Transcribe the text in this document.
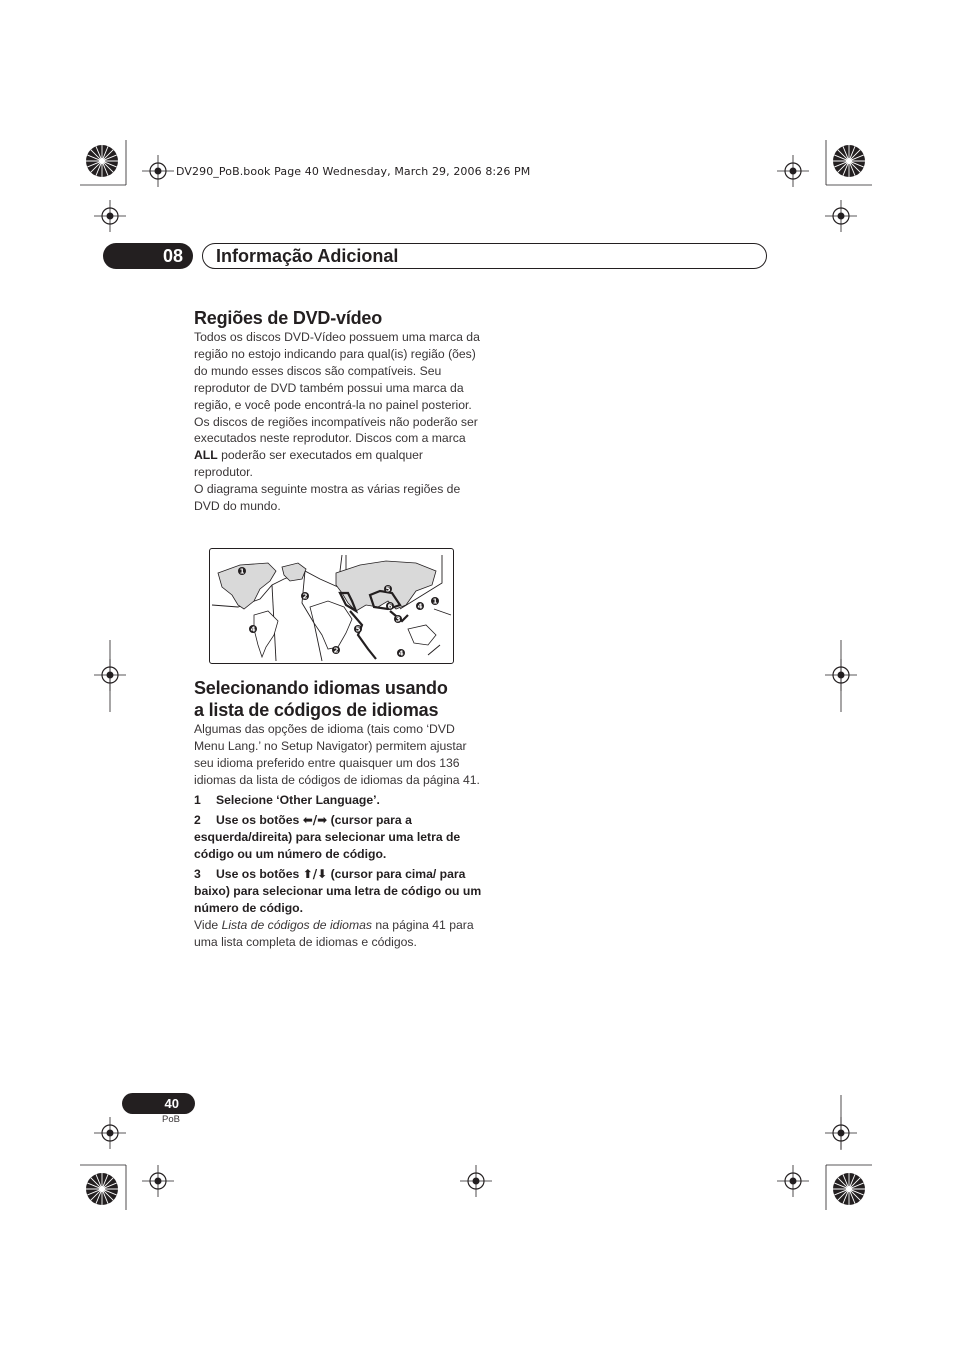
DV290_PoB.book Page 40 Wednesday, March 29, 2006 8:26 PM
08	Informação Adicional
Regiões de DVD-vídeo

Todos os discos DVD-Vídeo possuem uma marca da região no estojo indicando para qual(is) região (ões) do mundo esses discos são compatíveis. Seu reprodutor de DVD também possui uma marca da região, e você pode encontrá-la no painel posterior. Os discos de regiões incompatíveis não poderão ser executados neste reprodutor. Discos com a marca ALL poderão ser executados em qualquer reprodutor.

O diagrama seguinte mostra as várias regiões de DVD do mundo.

1
2
4
5
6
1
4
3
5
2	4
Selecionando idiomas usando
a lista de códigos de idiomas

Algumas das opções de idioma (tais como ‘DVD Menu Lang.’ no Setup Navigator) permitem ajustar seu idioma preferido entre quaisquer um dos 136 idiomas da lista de códigos de idiomas da página 41.

1 Selecione ‘Other Language’.

2 Use os botões ⬅/➡ (cursor para a esquerda/direita) para selecionar uma letra de código ou um número de código.

3 Use os botões ⬆/⬇ (cursor para cima/ para baixo) para selecionar uma letra de código ou um número de código.

Vide Lista de códigos de idiomas na página 41 para uma lista completa de idiomas e códigos.

40
PoB
